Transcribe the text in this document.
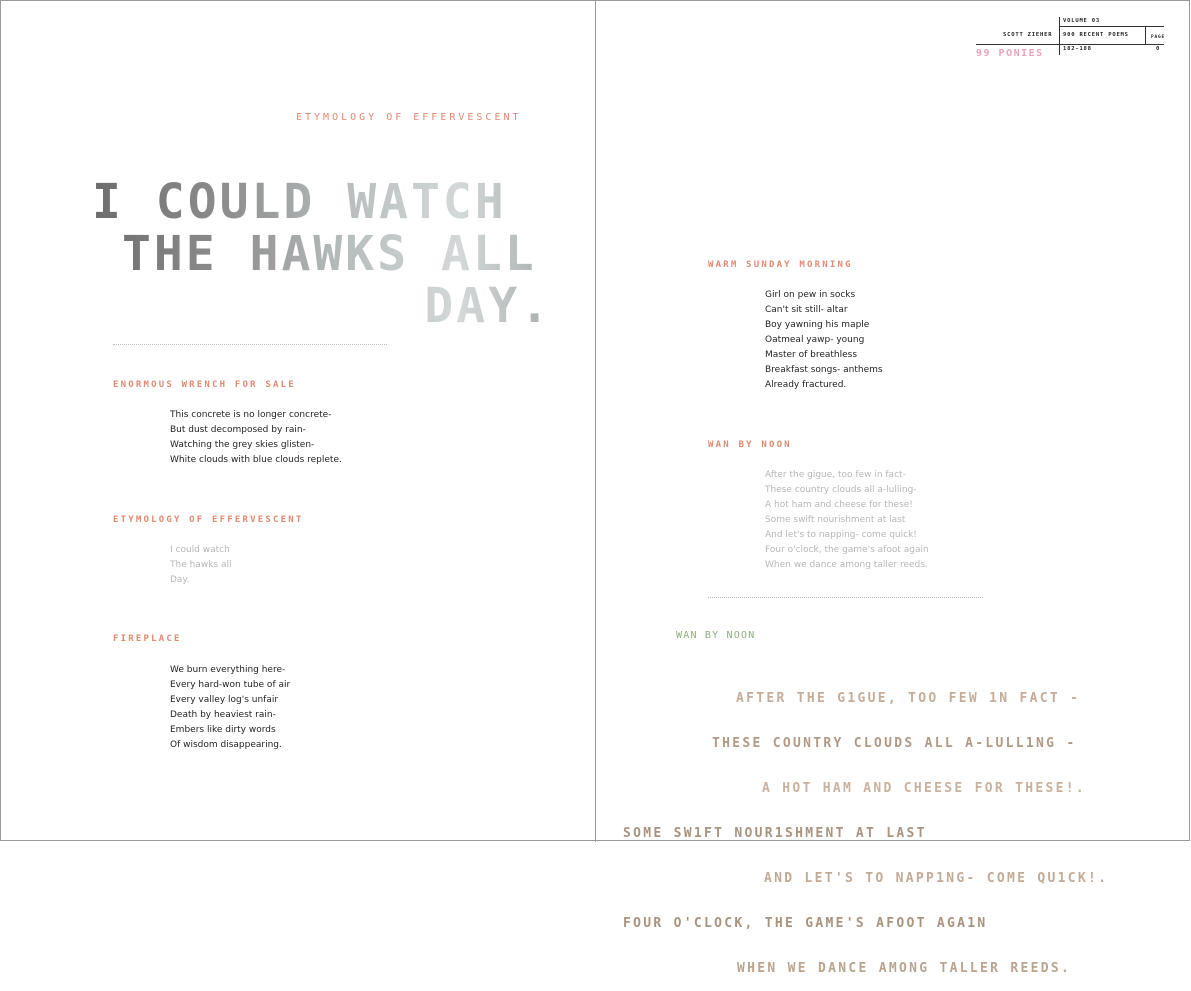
ETYMOLOGY OF EFFERVESCENT
I COULD WATCH
THE HAWKS ALL
DAY.
ENORMOUS WRENCH FOR SALE
This concrete is no longer concrete-
But dust decomposed by rain-
Watching the grey skies glisten-
White clouds with blue clouds replete.
ETYMOLOGY OF EFFERVESCENT
I could watch
The hawks all
Day.
FIREPLACE
We burn everything here-
Every hard-won tube of air
Every valley log's unfair
Death by heaviest rain-
Embers like dirty words
Of wisdom disappearing.
VOLUME 03
SCOTT ZIEHER 900 RECENT POEMS	PAGE
182-188	0
99 PONIES
WARM SUNDAY MORNING
Girl on pew in socks
Can't sit still- altar
Boy yawning his maple
Oatmeal yawp- young
Master of breathless
Breakfast songs- anthems
Already fractured.
WAN BY NOON
After the gigue, too few in fact-
These country clouds all a-lulling-
A hot ham and cheese for these!
Some swift nourishment at last
And let's to napping- come quick!
Four o'clock, the game's afoot again
When we dance among taller reeds.
WAN BY NOON

AFTER THE G1GUE, TOO FEW 1N FACT -

THESE COUNTRY CLOUDS ALL A-LULL1NG -

A HOT HAM AND CHEESE FOR THESE!.

SOME SW1FT NOUR1SHMENT AT LAST

AND LET'S TO NAPP1NG- COME QU1CK!.

FOUR O'CLOCK, THE GAME'S AFOOT AGA1N

WHEN WE DANCE AMONG TALLER REEDS.
